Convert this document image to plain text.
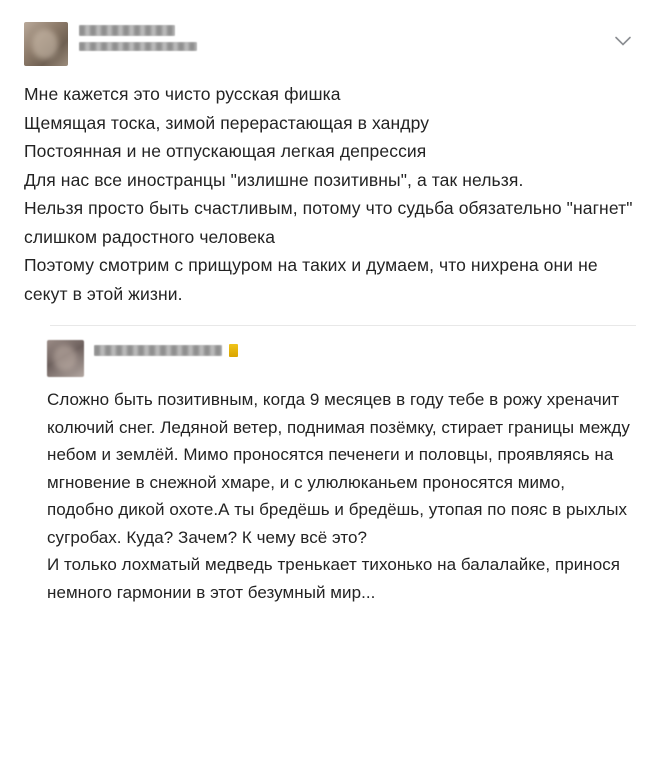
Мне кажется это чисто русская фишка
Щемящая тоска, зимой перерастающая в хандру
Постоянная и не отпускающая легкая депрессия
Для нас все иностранцы "излишне позитивны", а так нельзя.
Нельзя просто быть счастливым, потому что судьба обязательно "нагнет" слишком радостного человека
Поэтому смотрим с прищуром на таких и думаем, что нихрена они не секут в этой жизни.

Сложно быть позитивным, когда 9 месяцев в году тебе в рожу хреначит колючий снег. Ледяной ветер, поднимая позёмку, стирает границы между небом и землёй. Мимо проносятся печенеги и половцы, проявляясь на мгновение в снежной хмаре, и с улюлюканьем проносятся мимо, подобно дикой охоте.А ты бредёшь и бредёшь, утопая по пояс в рыхлых сугробах. Куда? Зачем? К чему всё это?
И только лохматый медведь тренькает тихонько на балалайке, принося немного гармонии в этот безумный мир...
